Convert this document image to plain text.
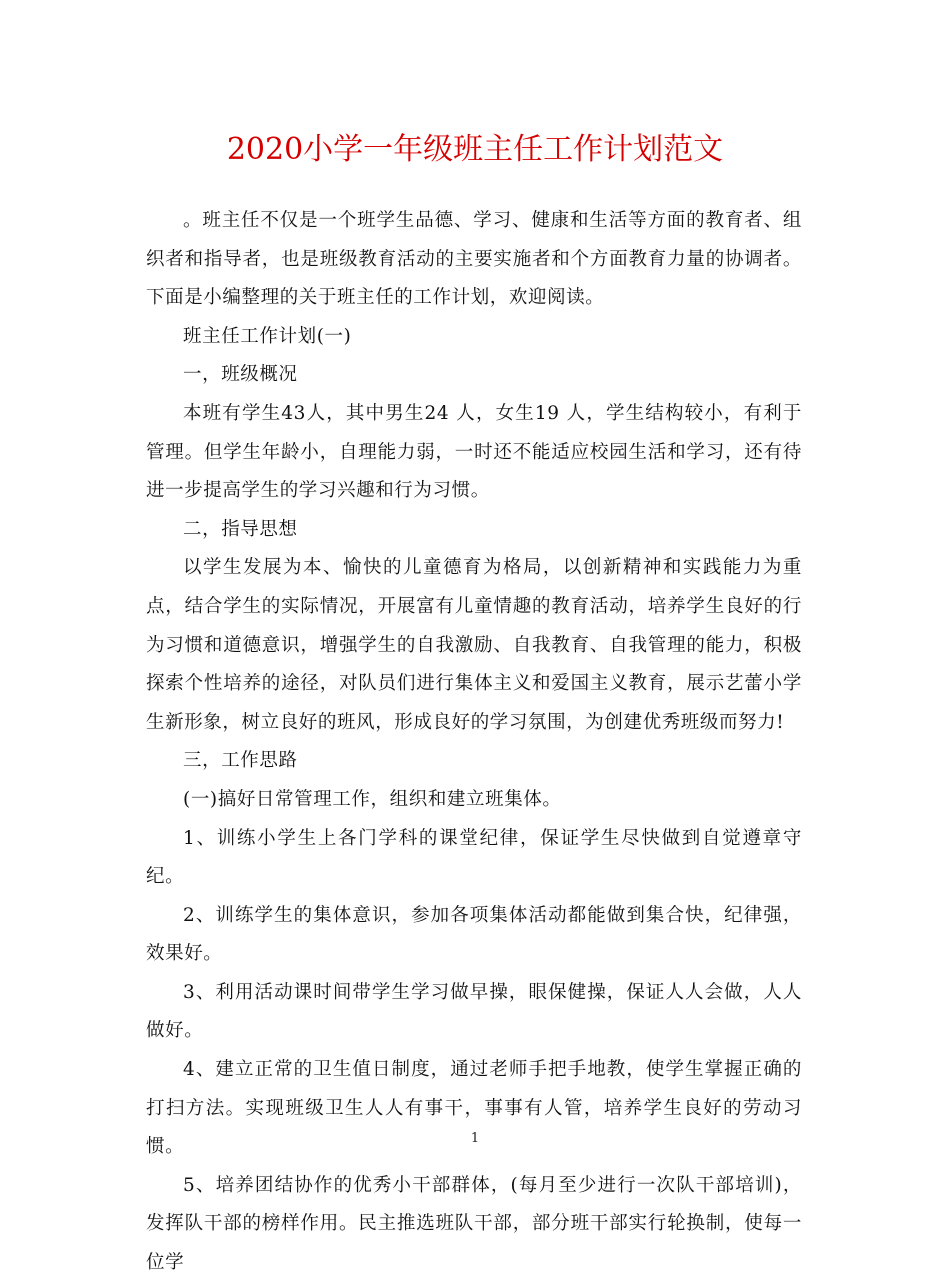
2020小学一年级班主任工作计划范文

。班主任不仅是一个班学生品德、学习、健康和生活等方面的教育者、组织者和指导者，也是班级教育活动的主要实施者和个方面教育力量的协调者。下面是小编整理的关于班主任的工作计划，欢迎阅读。

班主任工作计划(一)

一，班级概况

本班有学生43人，其中男生24 人，女生19 人，学生结构较小，有利于管理。但学生年龄小，自理能力弱，一时还不能适应校园生活和学习，还有待进一步提高学生的学习兴趣和行为习惯。

二，指导思想

以学生发展为本、愉快的儿童德育为格局，以创新精神和实践能力为重点，结合学生的实际情况，开展富有儿童情趣的教育活动，培养学生良好的行为习惯和道德意识，增强学生的自我激励、自我教育、自我管理的能力，积极探索个性培养的途径，对队员们进行集体主义和爱国主义教育，展示艺蕾小学生新形象，树立良好的班风，形成良好的学习氛围，为创建优秀班级而努力!

三，工作思路

(一)搞好日常管理工作，组织和建立班集体。

1、训练小学生上各门学科的课堂纪律，保证学生尽快做到自觉遵章守纪。

2、训练学生的集体意识，参加各项集体活动都能做到集合快，纪律强，效果好。

3、利用活动课时间带学生学习做早操，眼保健操，保证人人会做，人人做好。

4、建立正常的卫生值日制度，通过老师手把手地教，使学生掌握正确的打扫方法。实现班级卫生人人有事干，事事有人管，培养学生良好的劳动习惯。

5、培养团结协作的优秀小干部群体，(每月至少进行一次队干部培训)，发挥队干部的榜样作用。民主推选班队干部，部分班干部实行轮换制，使每一位学

1
